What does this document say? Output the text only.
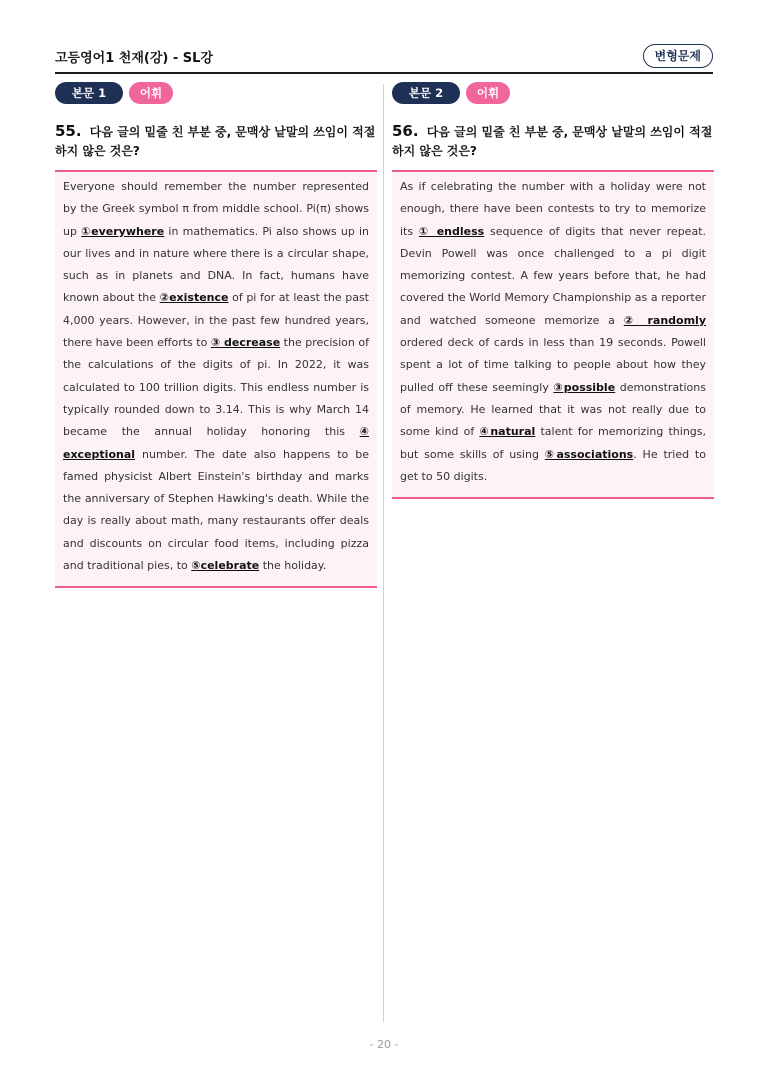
고등영어1 천재(강) - SL강	변형문제
본문 1	어휘
55. 다음 글의 밑줄 친 부분 중, 문맥상 낱말의 쓰임이 적절하지 않은 것은?

Everyone should remember the number represented by the Greek symbol π from middle school. Pi(π) shows up ①everywhere in mathematics. Pi also shows up in our lives and in nature where there is a circular shape, such as in planets and DNA. In fact, humans have known about the ②existence of pi for at least the past 4,000 years. However, in the past few hundred years, there have been efforts to ③ decrease the precision of the calculations of the digits of pi. In 2022, it was calculated to 100 trillion digits. This endless number is typically rounded down to 3.14. This is why March 14 became the annual holiday honoring this ④ exceptional number. The date also happens to be famed physicist Albert Einstein's birthday and marks the anniversary of Stephen Hawking's death. While the day is really about math, many restaurants offer deals and discounts on circular food items, including pizza and traditional pies, to ⑤celebrate the holiday.

본문 2	어휘
56. 다음 글의 밑줄 친 부분 중, 문맥상 낱말의 쓰임이 적절하지 않은 것은?

As if celebrating the number with a holiday were not enough, there have been contests to try to memorize its ① endless sequence of digits that never repeat. Devin Powell was once challenged to a pi digit memorizing contest. A few years before that, he had covered the World Memory Championship as a reporter and watched someone memorize a ② randomly ordered deck of cards in less than 19 seconds. Powell spent a lot of time talking to people about how they pulled off these seemingly ③possible demonstrations of memory. He learned that it was not really due to some kind of ④natural talent for memorizing things, but some skills of using ⑤associations. He tried to get to 50 digits.

- 20 -
